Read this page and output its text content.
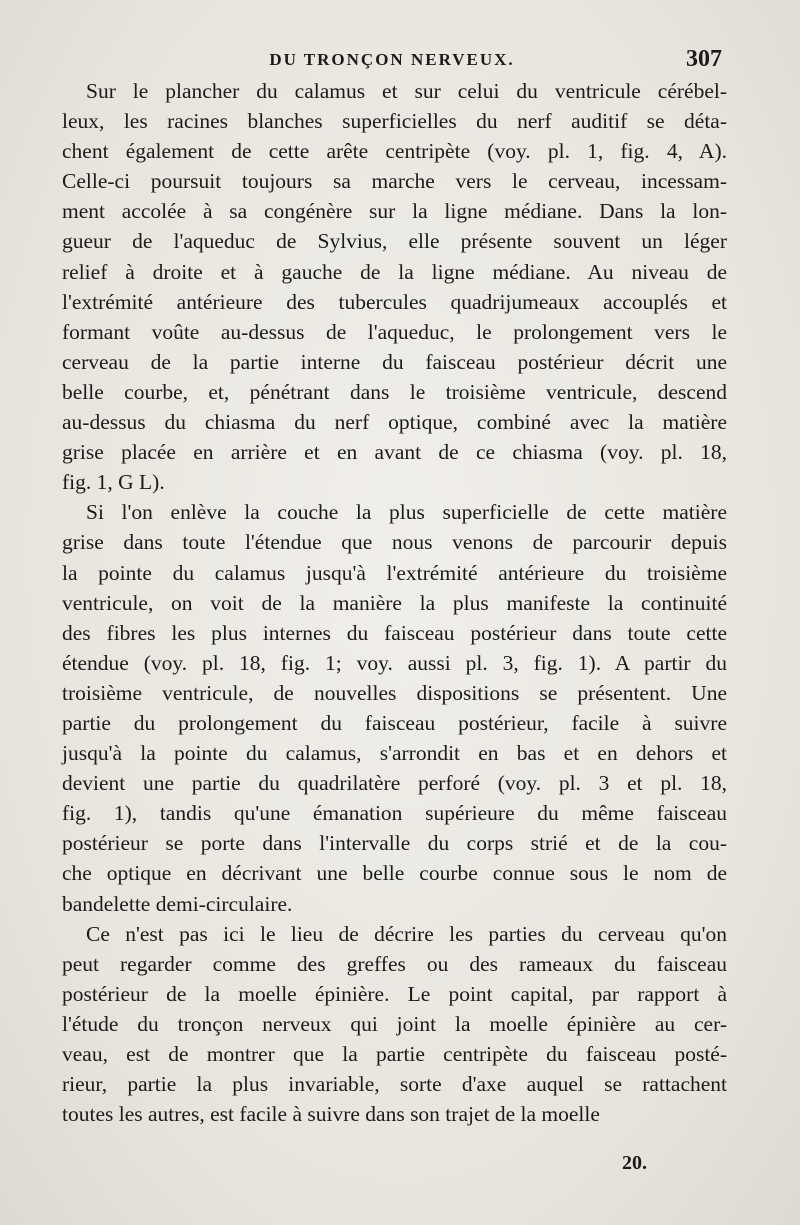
DU TRONÇON NERVEUX.	307
Sur le plancher du calamus et sur celui du ventricule cérébel-
leux, les racines blanches superficielles du nerf auditif se déta-
chent également de cette arête centripète (voy. pl. 1, fig. 4, A).
Celle-ci poursuit toujours sa marche vers le cerveau, incessam-
ment accolée à sa congénère sur la ligne médiane. Dans la lon-
gueur de l'aqueduc de Sylvius, elle présente souvent un léger
relief à droite et à gauche de la ligne médiane. Au niveau de
l'extrémité antérieure des tubercules quadrijumeaux accouplés et
formant voûte au-dessus de l'aqueduc, le prolongement vers le
cerveau de la partie interne du faisceau postérieur décrit une
belle courbe, et, pénétrant dans le troisième ventricule, descend
au-dessus du chiasma du nerf optique, combiné avec la matière
grise placée en arrière et en avant de ce chiasma (voy. pl. 18,
fig. 1, G L).
Si l'on enlève la couche la plus superficielle de cette matière
grise dans toute l'étendue que nous venons de parcourir depuis
la pointe du calamus jusqu'à l'extrémité antérieure du troisième
ventricule, on voit de la manière la plus manifeste la continuité
des fibres les plus internes du faisceau postérieur dans toute cette
étendue (voy. pl. 18, fig. 1; voy. aussi pl. 3, fig. 1). A partir du
troisième ventricule, de nouvelles dispositions se présentent. Une
partie du prolongement du faisceau postérieur, facile à suivre
jusqu'à la pointe du calamus, s'arrondit en bas et en dehors et
devient une partie du quadrilatère perforé (voy. pl. 3 et pl. 18,
fig. 1), tandis qu'une émanation supérieure du même faisceau
postérieur se porte dans l'intervalle du corps strié et de la cou-
che optique en décrivant une belle courbe connue sous le nom de
bandelette demi-circulaire.
Ce n'est pas ici le lieu de décrire les parties du cerveau qu'on
peut regarder comme des greffes ou des rameaux du faisceau
postérieur de la moelle épinière. Le point capital, par rapport à
l'étude du tronçon nerveux qui joint la moelle épinière au cer-
veau, est de montrer que la partie centripète du faisceau posté-
rieur, partie la plus invariable, sorte d'axe auquel se rattachent
toutes les autres, est facile à suivre dans son trajet de la moelle
20.
